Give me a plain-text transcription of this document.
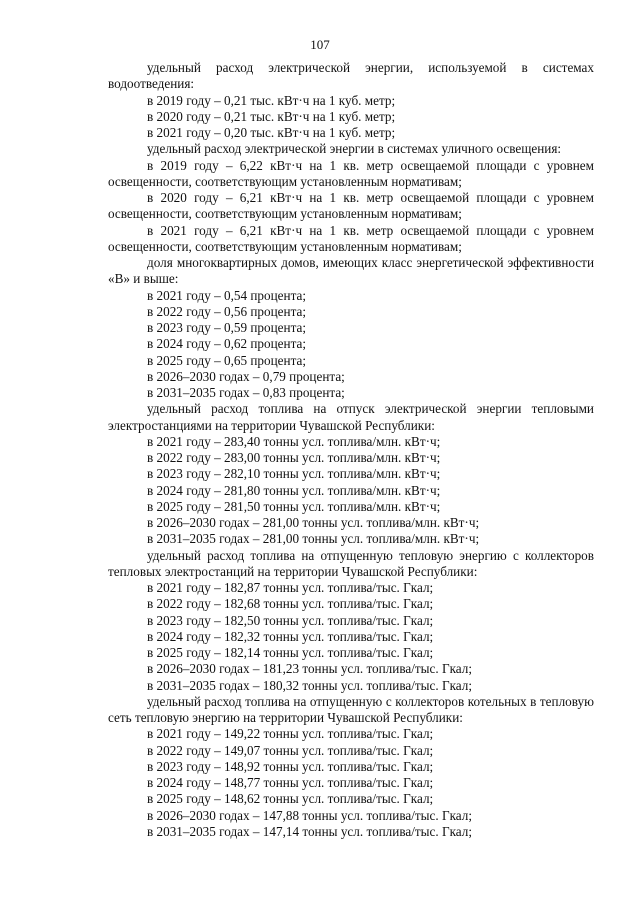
107

удельный расход электрической энергии, используемой в системах водоотведения:

в 2019 году – 0,21 тыс. кВт·ч на 1 куб. метр;

в 2020 году – 0,21 тыс. кВт·ч на 1 куб. метр;

в 2021 году – 0,20 тыс. кВт·ч на 1 куб. метр;

удельный расход электрической энергии в системах уличного освещения:

в 2019 году – 6,22 кВт·ч на 1 кв. метр освещаемой площади с уровнем освещенности, соответствующим установленным нормативам;

в 2020 году – 6,21 кВт·ч на 1 кв. метр освещаемой площади с уровнем освещенности, соответствующим установленным нормативам;

в 2021 году – 6,21 кВт·ч на 1 кв. метр освещаемой площади с уровнем освещенности, соответствующим установленным нормативам;

доля многоквартирных домов, имеющих класс энергетической эффективности «В» и выше:

в 2021 году – 0,54 процента;

в 2022 году – 0,56 процента;

в 2023 году – 0,59 процента;

в 2024 году – 0,62 процента;

в 2025 году – 0,65 процента;

в 2026–2030 годах – 0,79 процента;

в 2031–2035 годах – 0,83 процента;

удельный расход топлива на отпуск электрической энергии тепловыми электростанциями на территории Чувашской Республики:

в 2021 году – 283,40 тонны усл. топлива/млн. кВт·ч;

в 2022 году – 283,00 тонны усл. топлива/млн. кВт·ч;

в 2023 году – 282,10 тонны усл. топлива/млн. кВт·ч;

в 2024 году – 281,80 тонны усл. топлива/млн. кВт·ч;

в 2025 году – 281,50 тонны усл. топлива/млн. кВт·ч;

в 2026–2030 годах – 281,00 тонны усл. топлива/млн. кВт·ч;

в 2031–2035 годах – 281,00 тонны усл. топлива/млн. кВт·ч;

удельный расход топлива на отпущенную тепловую энергию с коллекторов тепловых электростанций на территории Чувашской Республики:

в 2021 году – 182,87 тонны усл. топлива/тыс. Гкал;

в 2022 году – 182,68 тонны усл. топлива/тыс. Гкал;

в 2023 году – 182,50 тонны усл. топлива/тыс. Гкал;

в 2024 году – 182,32 тонны усл. топлива/тыс. Гкал;

в 2025 году – 182,14 тонны усл. топлива/тыс. Гкал;

в 2026–2030 годах – 181,23 тонны усл. топлива/тыс. Гкал;

в 2031–2035 годах – 180,32 тонны усл. топлива/тыс. Гкал;

удельный расход топлива на отпущенную с коллекторов котельных в тепловую сеть тепловую энергию на территории Чувашской Республики:

в 2021 году – 149,22 тонны усл. топлива/тыс. Гкал;

в 2022 году – 149,07 тонны усл. топлива/тыс. Гкал;

в 2023 году – 148,92 тонны усл. топлива/тыс. Гкал;

в 2024 году – 148,77 тонны усл. топлива/тыс. Гкал;

в 2025 году – 148,62 тонны усл. топлива/тыс. Гкал;

в 2026–2030 годах – 147,88 тонны усл. топлива/тыс. Гкал;

в 2031–2035 годах – 147,14 тонны усл. топлива/тыс. Гкал;
